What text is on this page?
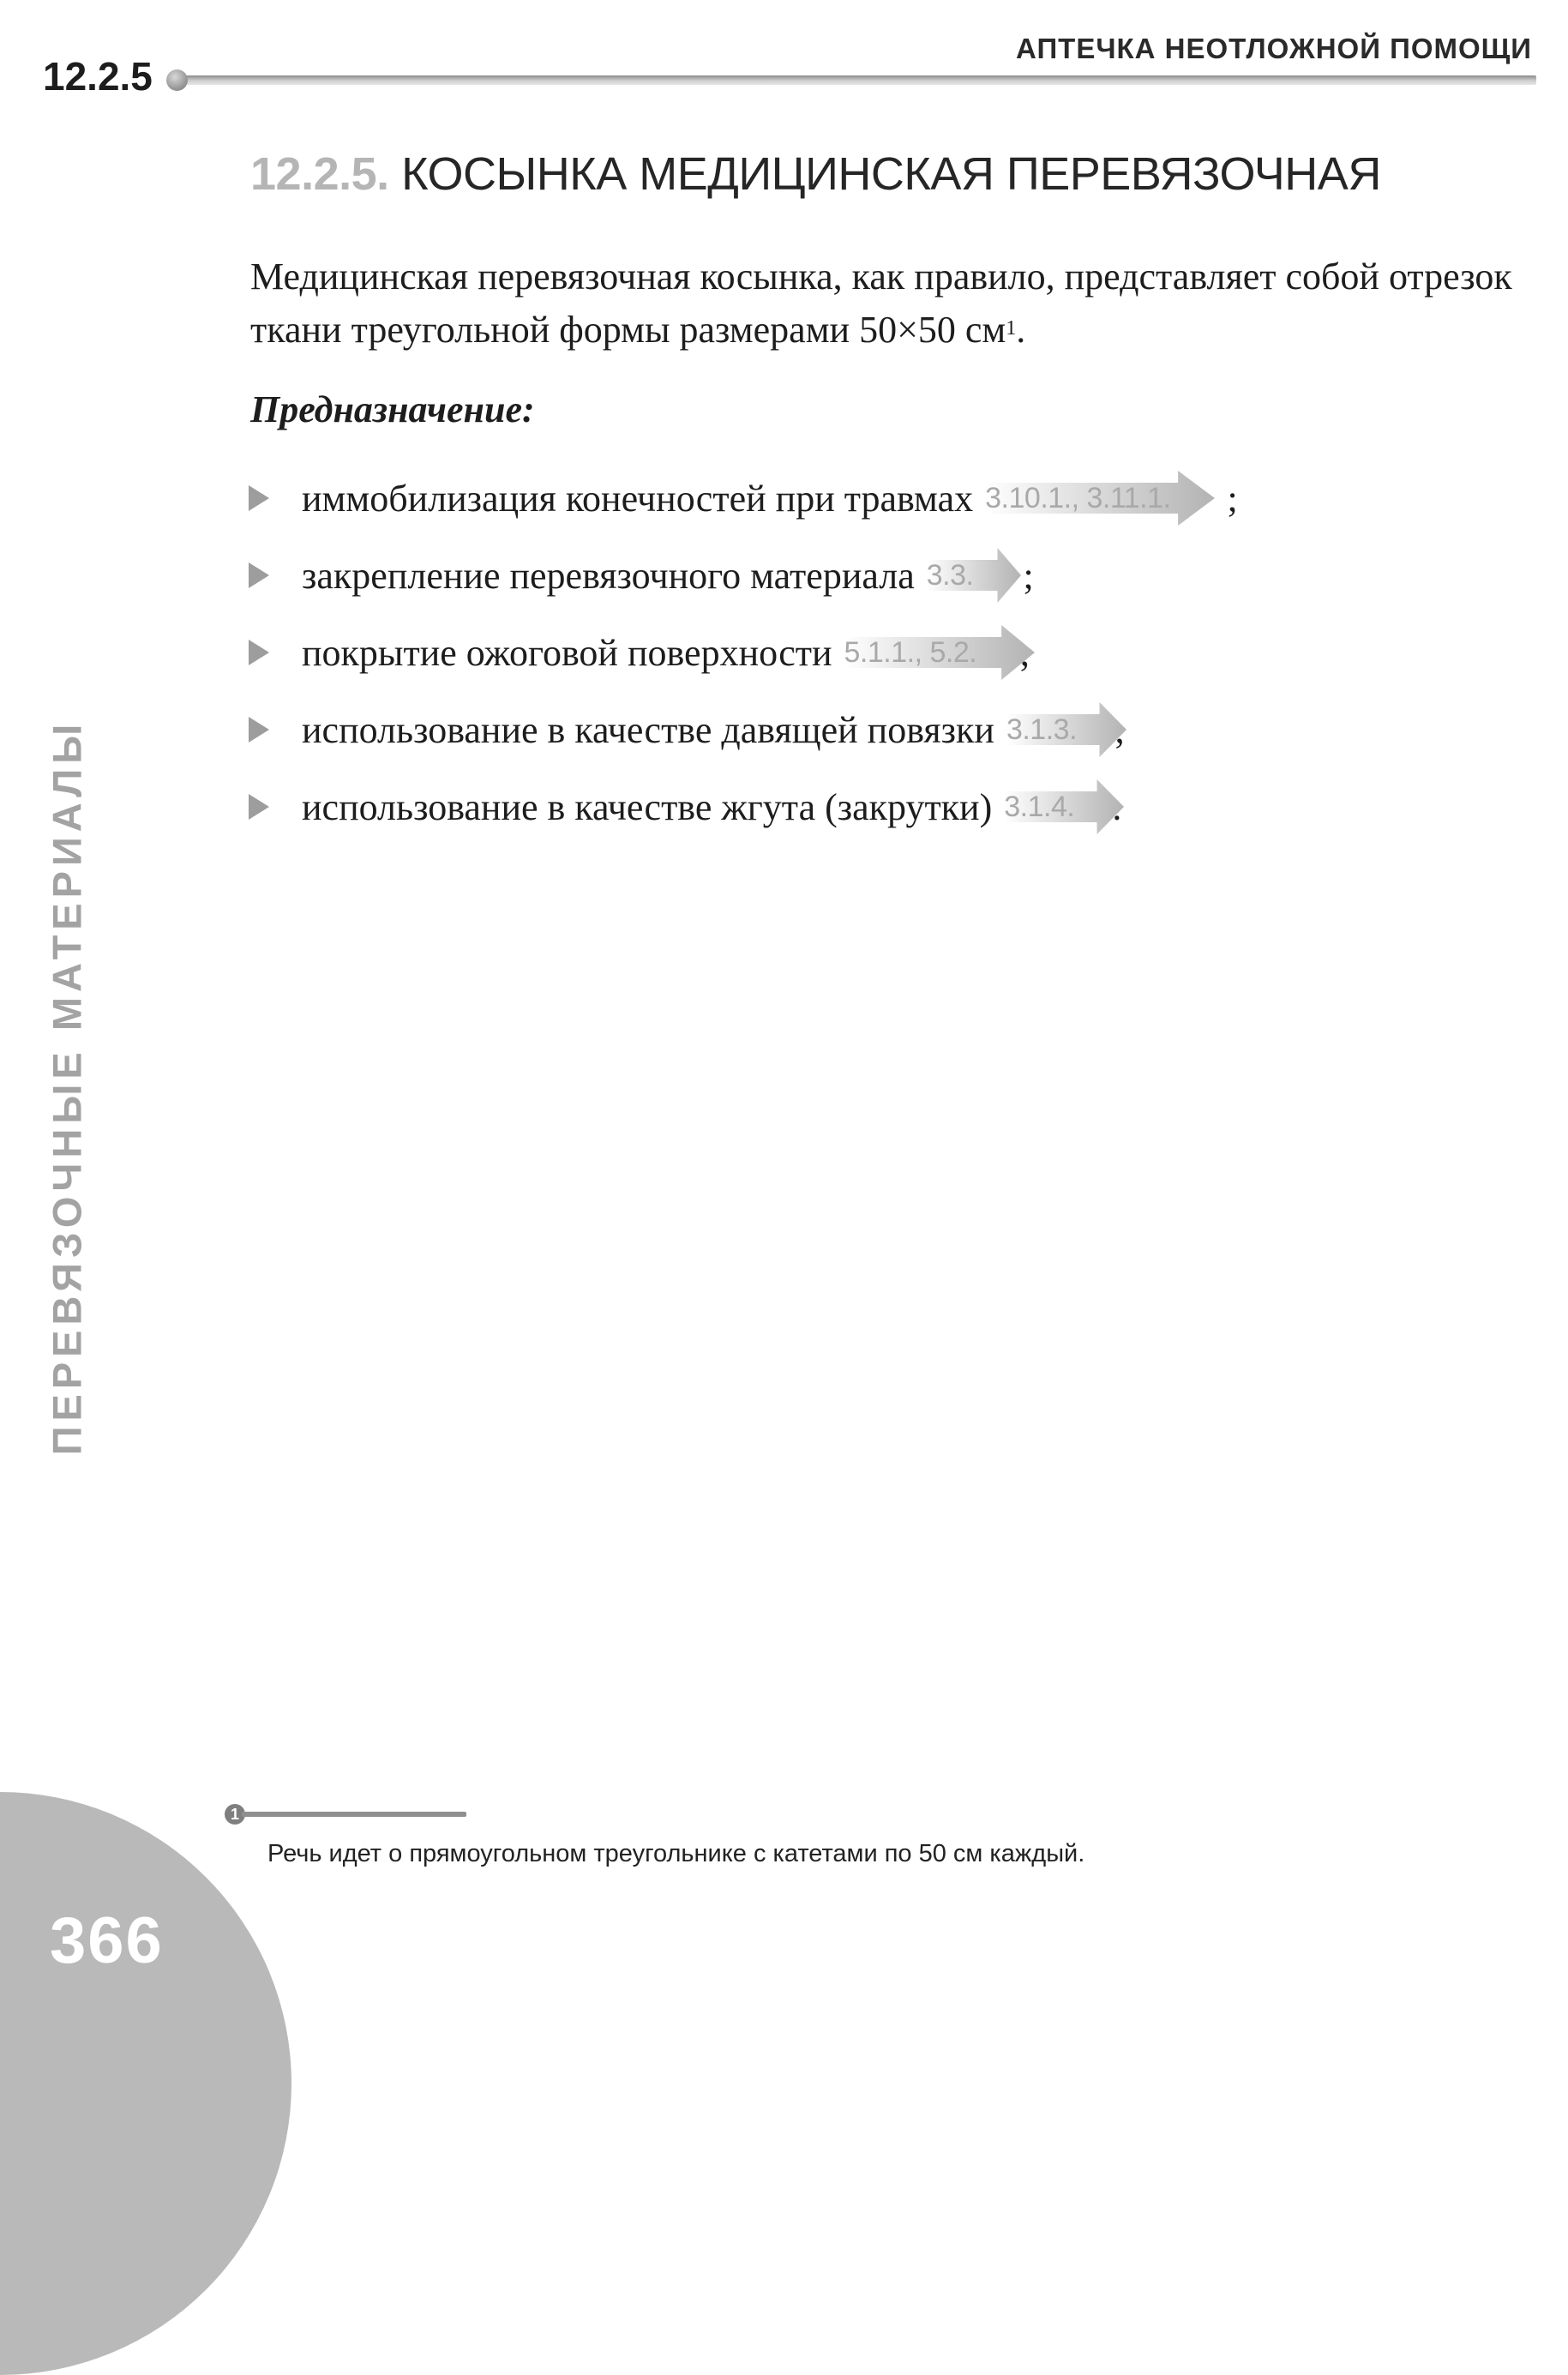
12.2.5
АПТЕЧКА НЕОТЛОЖНОЙ ПОМОЩИ
12.2.5. КОСЫНКА МЕДИЦИНСКАЯ ПЕРЕВЯЗОЧНАЯ
Медицинская перевязочная косынка, как правило, представляет собой отрезок ткани треугольной формы размерами 50×50 $см^1$.
Предназначение:
иммобилизация конечностей при травмах 3.10.1., 3.11.1. ;
закрепление перевязочного материала 3.3. ;
покрытие ожоговой поверхности 5.1.1., 5.2.
использование в качестве давящей повязки 3.1.3.
использование в качестве жгута (закрутки) 3.1.4.
ПЕРЕВЯЗОЧНЫЕ МАТЕРИАЛЫ
1
Речь идет о прямоугольном треугольнике с катетами по 50 см каждый.
366
